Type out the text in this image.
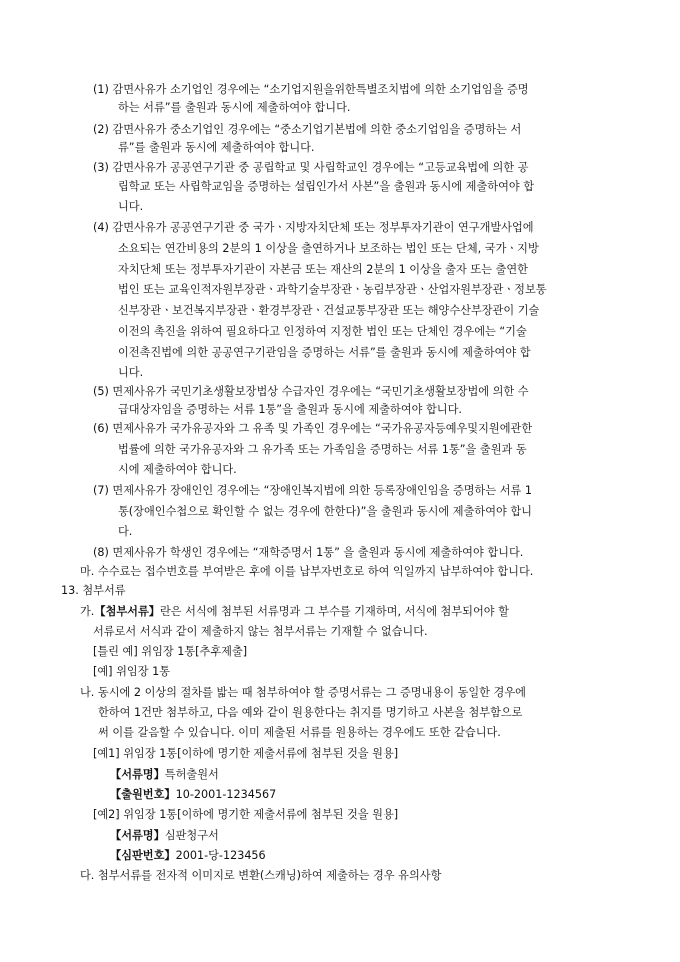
(1) 감면사유가 소기업인 경우에는 “소기업지원을위한특별조치법에 의한 소기업임을 증명
하는 서류”를 출원과 동시에 제출하여야 합니다.
(2) 감면사유가 중소기업인 경우에는 “중소기업기본법에 의한 중소기업임을 증명하는 서
류”를 출원과 동시에 제출하여야 합니다.
(3) 감면사유가 공공연구기관 중 공립학교 및 사립학교인 경우에는 “고등교육법에 의한 공
립학교 또는 사립학교임을 증명하는 설립인가서 사본”을 출원과 동시에 제출하여야 합
니다.
(4) 감면사유가 공공연구기관 중 국가ㆍ지방자치단체 또는 정부투자기관이 연구개발사업에
소요되는 연간비용의 2분의 1 이상을 출연하거나 보조하는 법인 또는 단체, 국가ㆍ지방
자치단체 또는 정부투자기관이 자본금 또는 재산의 2분의 1 이상을 출자 또는 출연한
법인 또는 교육인적자원부장관ㆍ과학기술부장관ㆍ농림부장관ㆍ산업자원부장관ㆍ정보통
신부장관ㆍ보건복지부장관ㆍ환경부장관ㆍ건설교통부장관 또는 해양수산부장관이 기술
이전의 촉진을 위하여 필요하다고 인정하여 지정한 법인 또는 단체인 경우에는 “기술
이전촉진법에 의한 공공연구기관임을 증명하는 서류”를 출원과 동시에 제출하여야 합
니다.
(5) 면제사유가 국민기초생활보장법상 수급자인 경우에는 “국민기초생활보장법에 의한 수
급대상자임을 증명하는 서류 1통”을 출원과 동시에 제출하여야 합니다.
(6) 면제사유가 국가유공자와 그 유족 및 가족인 경우에는 “국가유공자등예우및지원에관한
법률에 의한 국가유공자와 그 유가족 또는 가족임을 증명하는 서류 1통”을 출원과 동
시에 제출하여야 합니다.
(7) 면제사유가 장애인인 경우에는 “장애인복지법에 의한 등록장애인임을 증명하는 서류 1
통(장애인수첩으로 확인할 수 없는 경우에 한한다)”을 출원과 동시에 제출하여야 합니
다.
(8) 면제사유가 학생인 경우에는 “재학증명서 1통” 을 출원과 동시에 제출하여야 합니다.
마. 수수료는 접수번호를 부여받은 후에 이를 납부자번호로 하여 익일까지 납부하여야 합니다.
13. 첨부서류
가.【첨부서류】란은 서식에 첨부된 서류명과 그 부수를 기재하며, 서식에 첨부되어야 할
서류로서 서식과 같이 제출하지 않는 첨부서류는 기재할 수 없습니다.
[틀린 예] 위임장 1통[추후제출]
[예] 위임장 1통
나. 동시에 2 이상의 절차를 밟는 때 첨부하여야 할 증명서류는 그 증명내용이 동일한 경우에
한하여 1건만 첨부하고, 다음 예와 같이 원용한다는 취지를 명기하고 사본을 첨부함으로
써 이를 갈음할 수 있습니다. 이미 제출된 서류를 원용하는 경우에도 또한 같습니다.
[예1] 위임장 1통[이하에 명기한 제출서류에 첨부된 것을 원용]
【서류명】특허출원서
【출원번호】10-2001-1234567
[예2] 위임장 1통[이하에 명기한 제출서류에 첨부된 것을 원용]
【서류명】심판청구서
【심판번호】2001-당-123456
다. 첨부서류를 전자적 이미지로 변환(스캐닝)하여 제출하는 경우 유의사항
